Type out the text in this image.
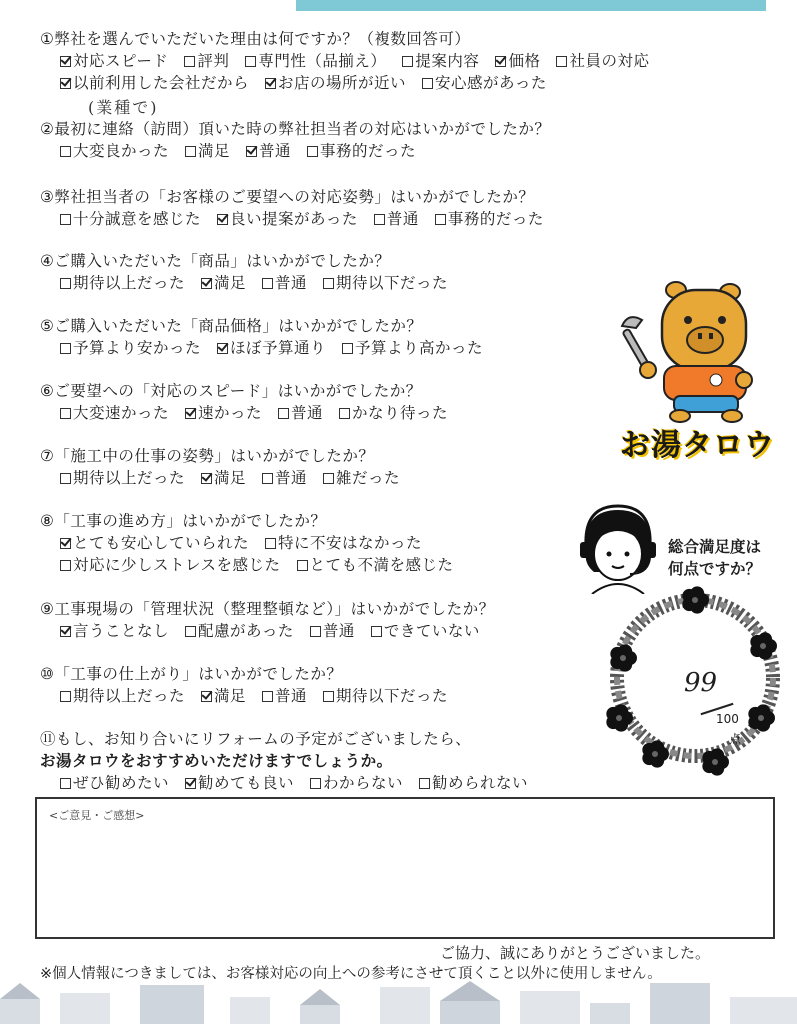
①弊社を選んでいただいた理由は何ですか？（複数回答可）
対応スピード 評判 専門性（品揃え） 提案内容 価格 社員の対応
以前利用した会社だから お店の場所が近い 安心感があった
②最初に連絡（訪問）頂いた時の弊社担当者の対応はいかがでしたか？
大変良かった 満足 普通 事務的だった
③弊社担当者の「お客様のご要望への対応姿勢」はいかがでしたか？
十分誠意を感じた 良い提案があった 普通 事務的だった
④ご購入いただいた「商品」はいかがでしたか？
期待以上だった 満足 普通 期待以下だった
⑤ご購入いただいた「商品価格」はいかがでしたか？
予算より安かった ほぼ予算通り 予算より高かった
⑥ご要望への「対応のスピード」はいかがでしたか？
大変速かった 速かった 普通 かなり待った
⑦「施工中の仕事の姿勢」はいかがでしたか？
期待以上だった 満足 普通 雑だった
⑧「工事の進め方」はいかがでしたか？
とても安心していられた 特に不安はなかった
対応に少しストレスを感じた とても不満を感じた
⑨工事現場の「管理状況（整理整頓など）」はいかがでしたか？
言うことなし 配慮があった 普通 できていない
⑩「工事の仕上がり」はいかがでしたか？
期待以上だった 満足 普通 期待以下だった
⑪もし、お知り合いにリフォームの予定がございましたら、
お湯タロウをおすすめいただけますでしょうか。
ぜひ勧めたい 勧めても良い わからない 勧められない
(業種で)
お湯タロウ
総合満足度は
何点ですか？
99
100
点
<ご意見・ご感想>
ご協力、誠にありがとうございました。
※個人情報につきましては、お客様対応の向上への参考にさせて頂くこと以外に使用しません。
